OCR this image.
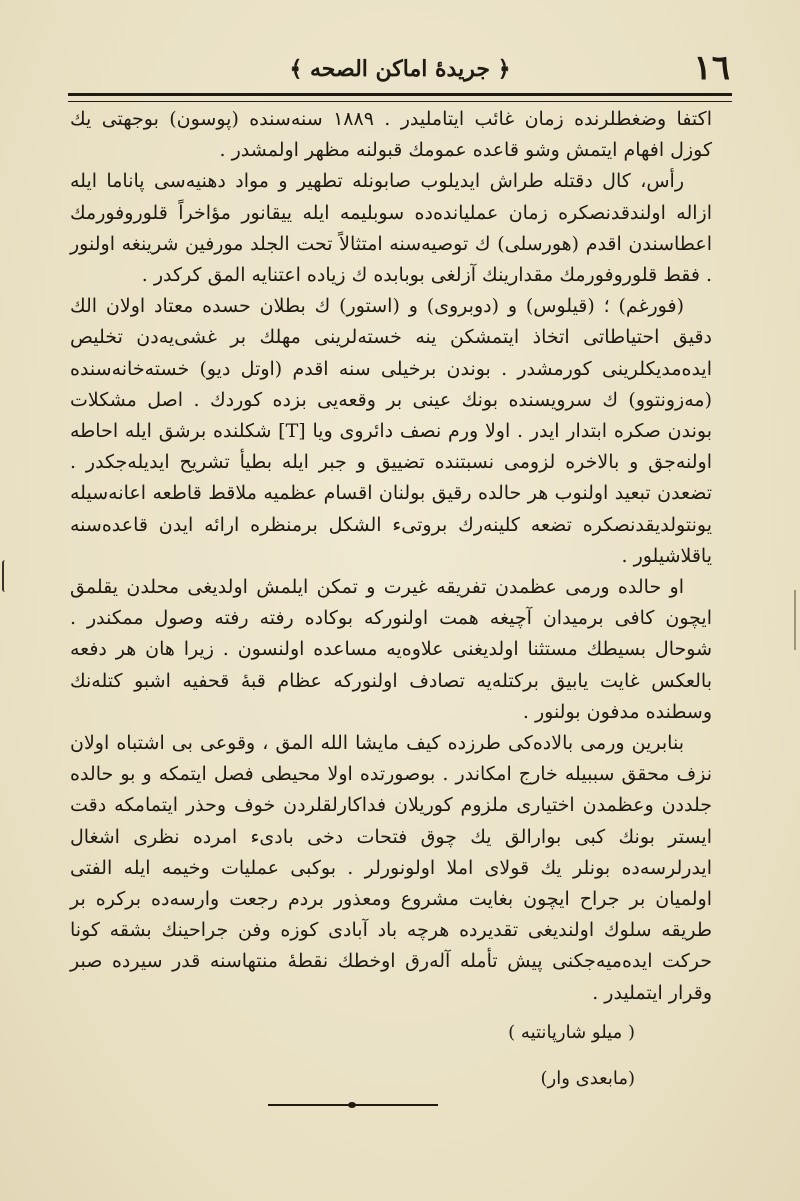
١٦
﴿ جريدهٔ اماكن الصحه ﴾

اكتفا وضغطلرنده زمان غائب ايتامليدر . ١٨٨٩ سنه‌سنده (پوسون) بوجهتی يك كوزل افهام ايتمش وشو قاعده عمومك قبولنه مظهر اولمشدر .

رأس، كال دقتله طراش ايديلوب صابونله تطهير و مواد دهنيه‌سی پاناما ايله ازاله اولندقدنصكره زمان عمليانده‌ده سوبليمه ايله ييقانور مؤاخراً قلوروفورمك اعطاسندن اقدم (هورسلی) ك توصيه‌سنه امتثالاً تحت الجلد مورفين شرينغه اولنور . فقط قلوروفورمك مقدارينك آزلغی بوبابده ك زياده اعتنايه المق كركدر .

(فورغم) ؛ (قيلوس) و (دوبروی) و (استور) ك بطلان حسده معتاد اولان الك دقيق احتياطاتی اتخاذ ايتمشكن ينه خسته‌لرينی مهلك بر غشی‌يه‌دن تخليص ايده‌مديكلرينی كورمشدر . بوندن برخيلی سنه اقدم (اوتل ديو) خسته‌خانه‌سنده (مه‌زونتوو) ك سرويسنده بونك عينی بر وقعه‌يی بزده كوردك . اصل مشكلات بوندن صكره ابتدار ايدر . اولا ورم نصف دائروی ويا [T] شكلنده برشق ايله احاطه اولنه‌جق و بالاخره لزومی نسبتنده تضييق و جبر ايله بطيأ تشريح ايديله‌جكدر . تضعدن تبعيد اولنوب هر حالده رقيق بولنان اقسام عظميه ملاقط قاطعه اعانه‌سيله يونتولديقدنصكره تضعه كلينه‌رك بروتیء الشكل برمنظره ارائه ايدن قاعده‌سنه ياقلاشيلور .

او حالده ورمی عظمدن تفريقه غيرت و تمكن ايلمش اولديغی محلدن يقلمق ايچون كافی برميدان آچيغه همت اولنوركه بوكاده رفته رفته وصول ممكندر . شوحال بسيطك مستثنا اولديغنی علاوه‌يه مساعده اولنسون . زيرا هان هر دفعه بالعكس غايت يابيق بركتله‌يه تصادف اولنوركه عظام قبهٔ قحفيه اشبو كتله‌نك وسطنده مدفون بولنور .

بنابرين ورمی بالاده‌كی طرزده كيف مايشا الله المق ، وقوعی بی اشتباه اولان نزف محقق سببيله خارج امكاندر . بوصورتده اولا محيطی فصل ايتمكه و بو حالده جلددن وعظمدن اختياری ملزوم كوريلان فداكارلقلردن خوف وحذر ايتمامكه دقت ايستر بونك كبی بوارالق يك چوق فتحات دخی بادیء امرده نظری اشغال ايدرلرسه‌ده بونلر يك قولای املا اولونورلر . بوكبی عمليات وخيمه ايله الفتی اولميان بر جراح ايچون بغايت مشروع ومعذور بردم رجعت وارسه‌ده بركره بر طريقه سلوك اولنديغی تقديرده هرچه باد آبادی كوزه وفن جراحينك بشقه كونا حركت ايده‌ميه‌جكنی پيش تأمله آله‌رق اوخطك نقطهٔ منتهاسنه قدر سيرده صبر وقرار ايتمليدر .

( ميلو شارپانتيه )
(مابعدی وار)
